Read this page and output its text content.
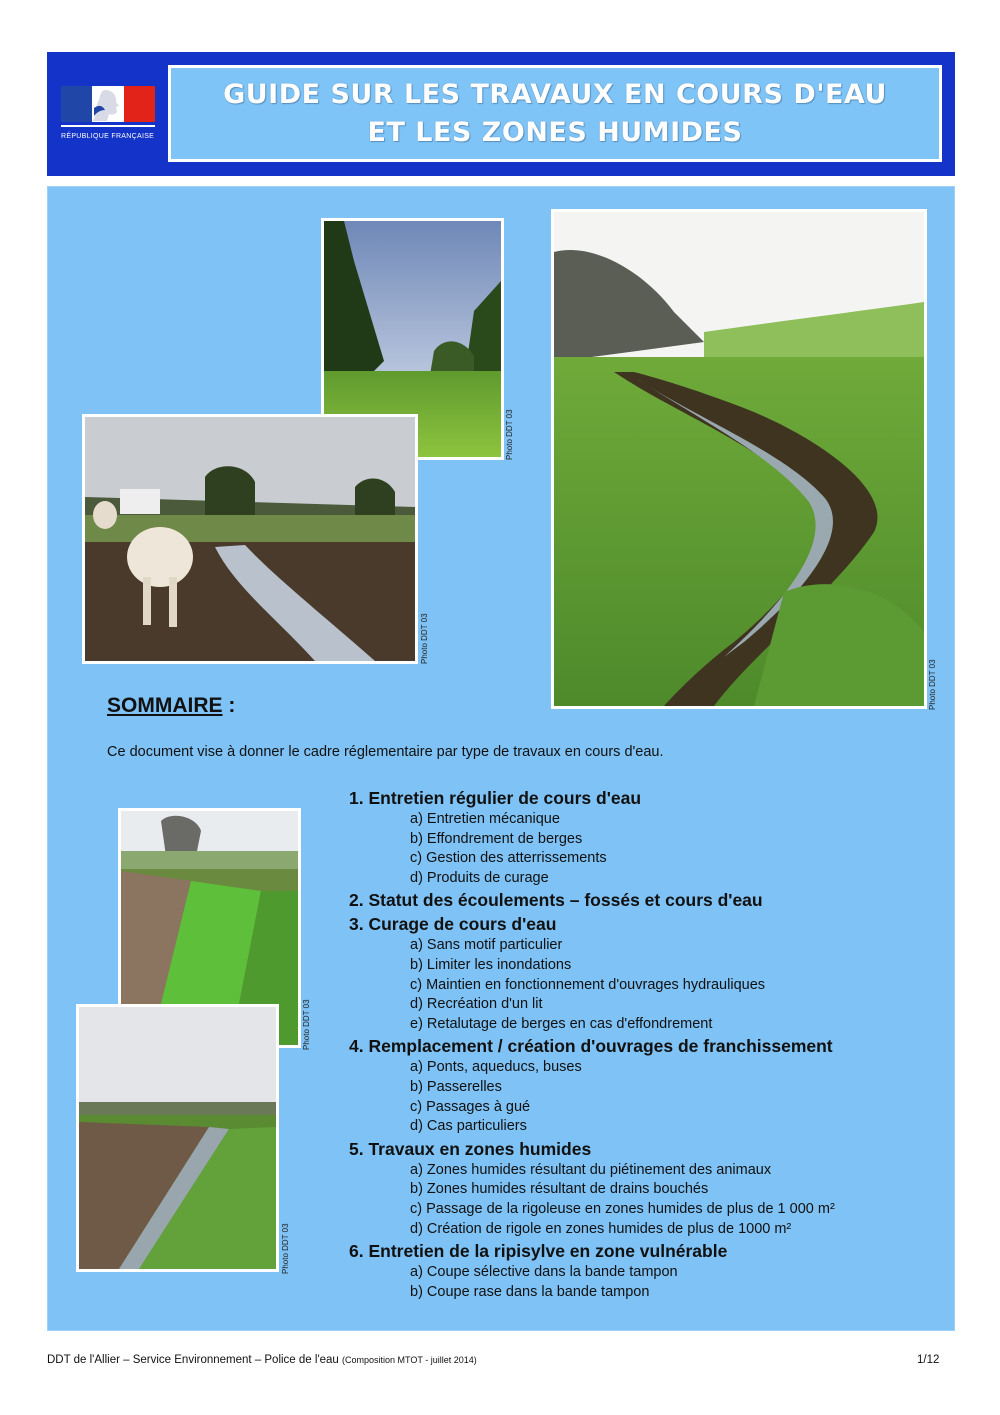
RÉPUBLIQUE FRANÇAISE
GUIDE SUR LES TRAVAUX EN COURS D'EAU
ET LES ZONES HUMIDES
Photo DDT 03
Photo DDT 03
Photo DDT 03
Photo DDT 03
Photo DDT 03
SOMMAIRE :
Ce document vise à donner le cadre réglementaire par type de travaux en cours d'eau.
1. Entretien régulier de cours d'eau
a) Entretien mécanique
b) Effondrement de berges
c) Gestion des atterrissements
d) Produits de curage
2. Statut des écoulements – fossés et cours d'eau
3. Curage de cours d'eau
a) Sans motif particulier
b) Limiter les inondations
c) Maintien en fonctionnement d'ouvrages hydrauliques
d) Recréation d'un lit
e) Retalutage de berges en cas d'effondrement
4. Remplacement / création d'ouvrages de franchissement
a) Ponts, aqueducs, buses
b) Passerelles
c) Passages à gué
d) Cas particuliers
5. Travaux en zones humides
a) Zones humides résultant du piétinement des animaux
b) Zones humides résultant de drains bouchés
c) Passage de la rigoleuse en zones humides de plus de 1 000 m²
d) Création de rigole en zones humides de plus de 1000 m²
6. Entretien de la ripisylve en zone vulnérable
a) Coupe sélective dans la bande tampon
b) Coupe rase dans la bande tampon
DDT de l'Allier – Service Environnement – Police de l'eau (Composition MTOT - juillet 2014)	1/12
